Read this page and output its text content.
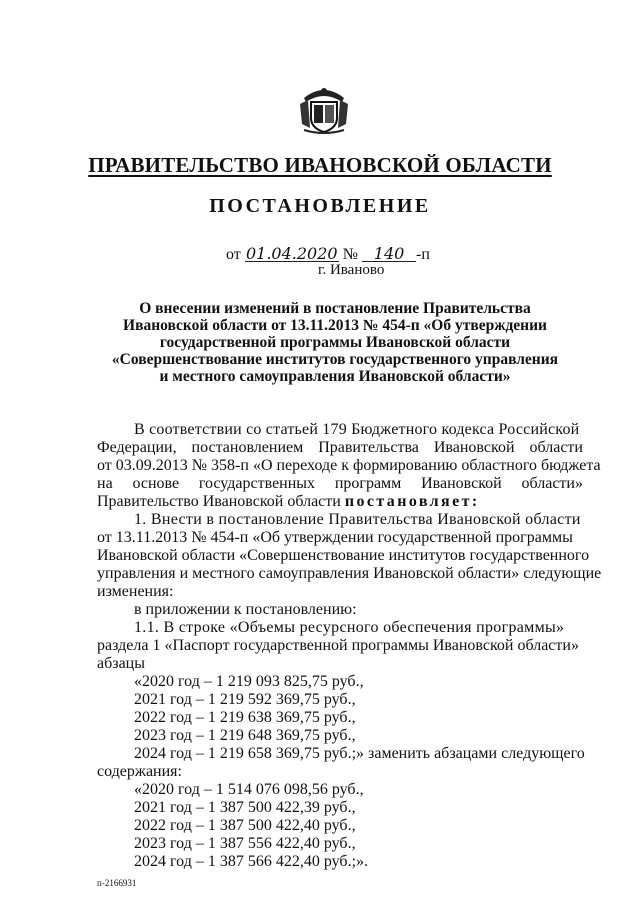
ПРАВИТЕЛЬСТВО ИВАНОВСКОЙ ОБЛАСТИ
ПОСТАНОВЛЕНИЕ
от 01.04.2020 № 140 -п
г. Иваново
О внесении изменений в постановление Правительства
Ивановской области от 13.11.2013 № 454-п «Об утверждении
государственной программы Ивановской области
«Совершенствование институтов государственного управления
и местного самоуправления Ивановской области»
В соответствии со статьей 179 Бюджетного кодекса Российской
Федерации, постановлением Правительства Ивановской области
от 03.09.2013 № 358-п «О переходе к формированию областного бюджета
на основе государственных программ Ивановской области»
Правительство Ивановской области постановляет:
1. Внести в постановление Правительства Ивановской области
от 13.11.2013 № 454-п «Об утверждении государственной программы
Ивановской области «Совершенствование институтов государственного
управления и местного самоуправления Ивановской области» следующие
изменения:
в приложении к постановлению:
1.1. В строке «Объемы ресурсного обеспечения программы»
раздела 1 «Паспорт государственной программы Ивановской области»
абзацы
«2020 год – 1 219 093 825,75 руб.,
2021 год – 1 219 592 369,75 руб.,
2022 год – 1 219 638 369,75 руб.,
2023 год – 1 219 648 369,75 руб.,
2024 год – 1 219 658 369,75 руб.;» заменить абзацами следующего
содержания:
«2020 год – 1 514 076 098,56 руб.,
2021 год – 1 387 500 422,39 руб.,
2022 год – 1 387 500 422,40 руб.,
2023 год – 1 387 556 422,40 руб.,
2024 год – 1 387 566 422,40 руб.;».
п-2166931
